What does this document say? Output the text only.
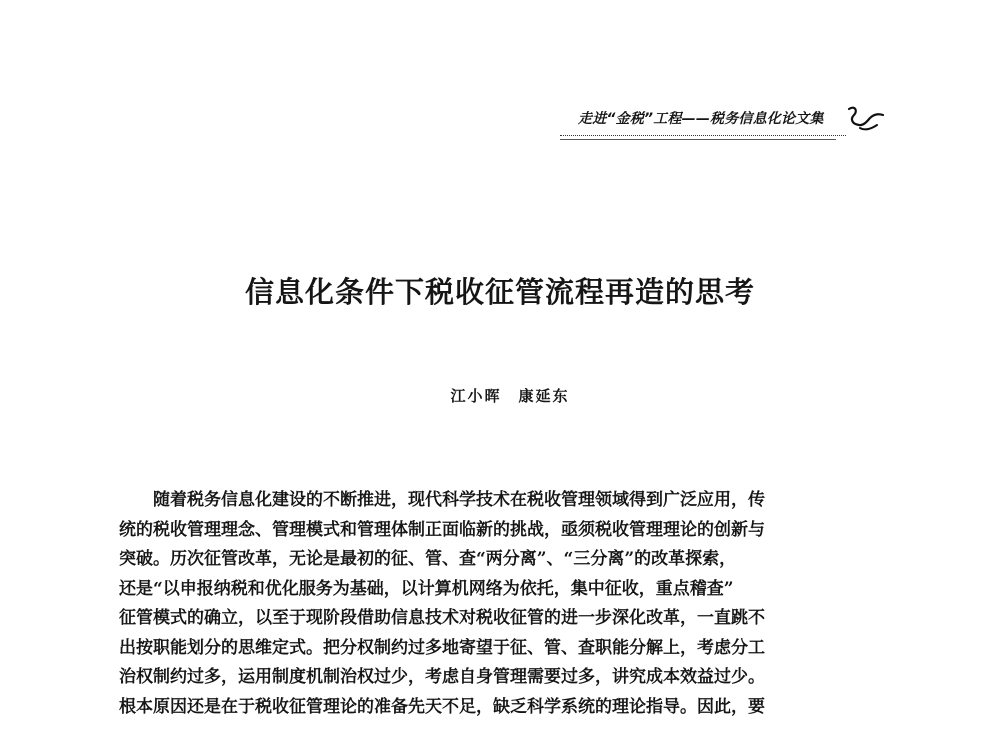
走进“金税”工程——税务信息化论文集
信息化条件下税收征管流程再造的思考
江小晖　康延东
随着税务信息化建设的不断推进，现代科学技术在税收管理领域得到广泛应用，传
统的税收管理理念、管理模式和管理体制正面临新的挑战，亟须税收管理理论的创新与
突破。历次征管改革，无论是最初的征、管、查“两分离”、“三分离”的改革探索，
还是“以申报纳税和优化服务为基础，以计算机网络为依托，集中征收，重点稽查”
征管模式的确立，以至于现阶段借助信息技术对税收征管的进一步深化改革，一直跳不
出按职能划分的思维定式。把分权制约过多地寄望于征、管、查职能分解上，考虑分工
治权制约过多，运用制度机制治权过少，考虑自身管理需要过多，讲究成本效益过少。
根本原因还是在于税收征管理论的准备先天不足，缺乏科学系统的理论指导。因此，要
